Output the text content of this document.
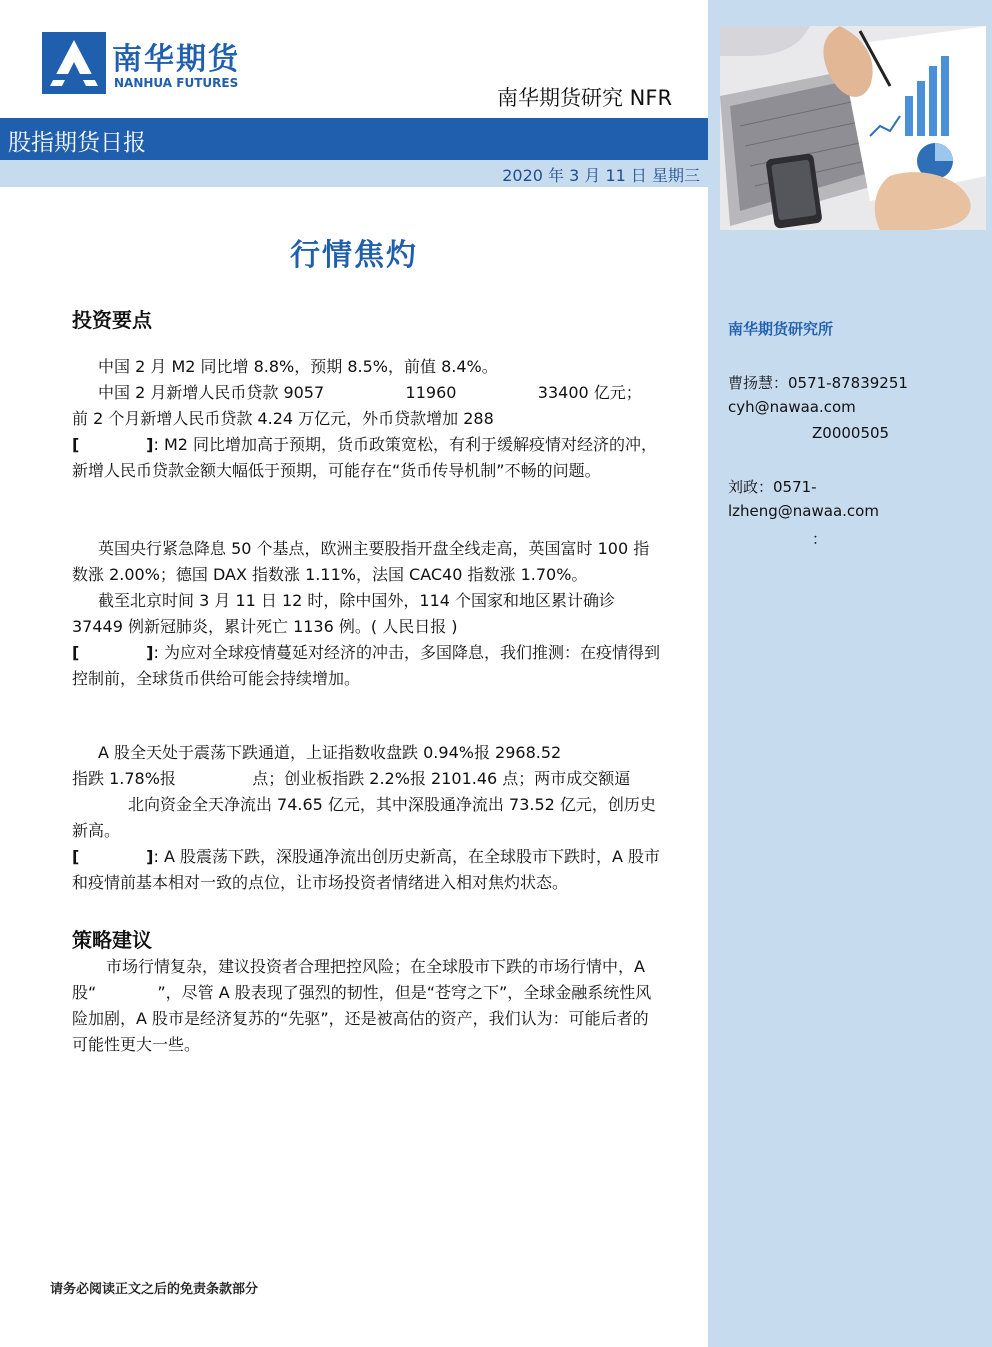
南华期货
NANHUA FUTURES
南华期货研究 NFR
股指期货日报
2020 年 3 月 11 日 星期三
行情焦灼
投资要点

中国 2 月 M2 同比增 8.8%，预期 8.5%，前值 8.4%。

中国 2 月新增人民币贷款 9057                11960                33400 亿元；

前 2 个月新增人民币贷款 4.24 万亿元，外币贷款增加 288

[            ]: M2 同比增加高于预期，货币政策宽松，有利于缓解疫情对经济的冲，新增人民币贷款金额大幅低于预期，可能存在“货币传导机制”不畅的问题。

英国央行紧急降息 50 个基点，欧洲主要股指开盘全线走高，英国富时 100 指数涨 2.00%；德国 DAX 指数涨 1.11%，法国 CAC40 指数涨 1.70%。

截至北京时间 3 月 11 日 12 时，除中国外，114 个国家和地区累计确诊 37449 例新冠肺炎，累计死亡 1136 例。( 人民日报 )

[            ]: 为应对全球疫情蔓延对经济的冲击，多国降息，我们推测：在疫情得到控制前，全球货币供给可能会持续增加。

A 股全天处于震荡下跌通道，上证指数收盘跌 0.94%报 2968.52

指跌 1.78%报               点；创业板指跌 2.2%报 2101.46 点；两市成交额逼

北向资金全天净流出 74.65 亿元，其中深股通净流出 73.52 亿元，创历史新高。

[            ]: A 股震荡下跌，深股通净流出创历史新高，在全球股市下跌时，A 股市和疫情前基本相对一致的点位，让市场投资者情绪进入相对焦灼状态。

策略建议

市场行情复杂，建议投资者合理把控风险；在全球股市下跌的市场行情中，A 股“            ”，尽管 A 股表现了强烈的韧性，但是“苍穹之下”，全球金融系统性风险加剧，A 股市是经济复苏的“先驱”，还是被高估的资产，我们认为：可能后者的可能性更大一些。

南华期货研究所
曹扬慧：0571-87839251
cyh@nawaa.com
Z0000505
刘政：0571-
lzheng@nawaa.com
：
请务必阅读正文之后的免责条款部分
